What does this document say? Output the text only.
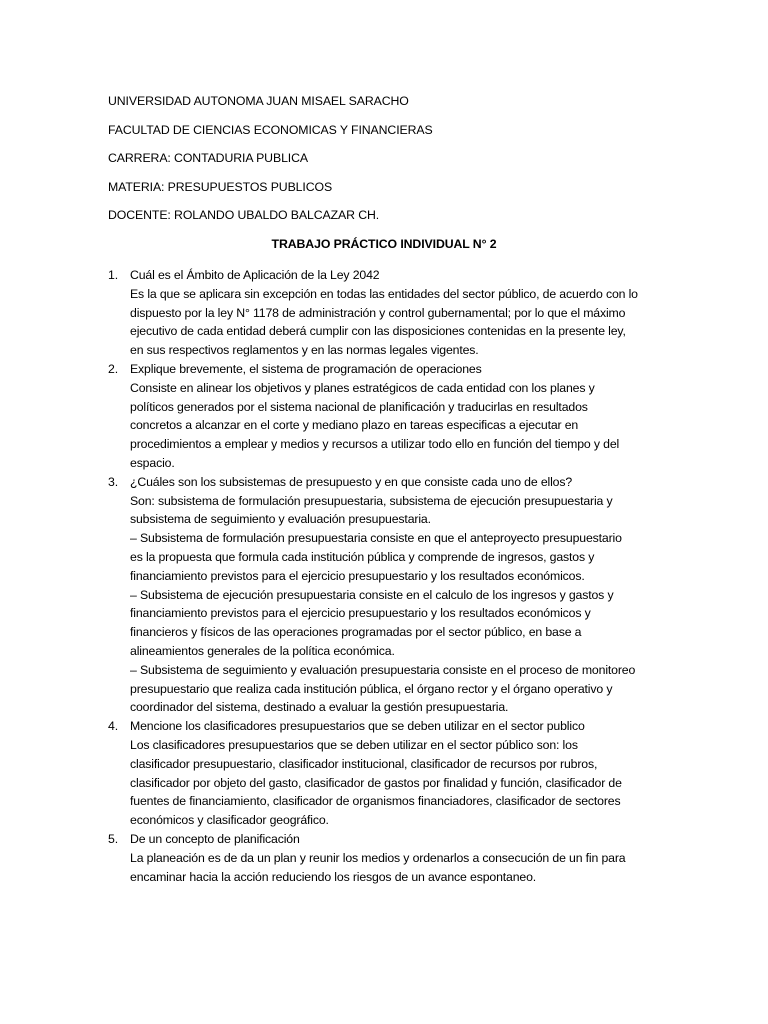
UNIVERSIDAD AUTONOMA JUAN MISAEL SARACHO
FACULTAD DE CIENCIAS ECONOMICAS Y FINANCIERAS
CARRERA: CONTADURIA PUBLICA
MATERIA: PRESUPUESTOS PUBLICOS
DOCENTE: ROLANDO UBALDO BALCAZAR CH.
TRABAJO PRÁCTICO INDIVIDUAL N° 2
1. Cuál es el Ámbito de Aplicación de la Ley 2042
Es la que se aplicara sin excepción en todas las entidades del sector público, de acuerdo con lo
dispuesto por la ley N° 1178 de administración y control gubernamental; por lo que el máximo
ejecutivo de cada entidad deberá cumplir con las disposiciones contenidas en la presente ley,
en sus respectivos reglamentos y en las normas legales vigentes.
2. Explique brevemente, el sistema de programación de operaciones
Consiste en alinear los objetivos y planes estratégicos de cada entidad con los planes y
políticos generados por el sistema nacional de planificación y traducirlas en resultados
concretos a alcanzar en el corte y mediano plazo en tareas especificas a ejecutar en
procedimientos a emplear y medios y recursos a utilizar todo ello en función del tiempo y del
espacio.
3. ¿Cuáles son los subsistemas de presupuesto y en que consiste cada uno de ellos?
Son: subsistema de formulación presupuestaria, subsistema de ejecución presupuestaria y
subsistema de seguimiento y evaluación presupuestaria.
– Subsistema de formulación presupuestaria consiste en que el anteproyecto presupuestario
es la propuesta que formula cada institución pública y comprende de ingresos, gastos y
financiamiento previstos para el ejercicio presupuestario y los resultados económicos.
– Subsistema de ejecución presupuestaria consiste en el calculo de los ingresos y gastos y
financiamiento previstos para el ejercicio presupuestario y los resultados económicos y
financieros y físicos de las operaciones programadas por el sector público, en base a
alineamientos generales de la política económica.
– Subsistema de seguimiento y evaluación presupuestaria consiste en el proceso de monitoreo
presupuestario que realiza cada institución pública, el órgano rector y el órgano operativo y
coordinador del sistema, destinado a evaluar la gestión presupuestaria.
4. Mencione los clasificadores presupuestarios que se deben utilizar en el sector publico
Los clasificadores presupuestarios que se deben utilizar en el sector público son: los
clasificador presupuestario, clasificador institucional, clasificador de recursos por rubros,
clasificador por objeto del gasto, clasificador de gastos por finalidad y función, clasificador de
fuentes de financiamiento, clasificador de organismos financiadores, clasificador de sectores
económicos y clasificador geográfico.
5. De un concepto de planificación
La planeación es de da un plan y reunir los medios y ordenarlos a consecución de un fin para
encaminar hacia la acción reduciendo los riesgos de un avance espontaneo.
